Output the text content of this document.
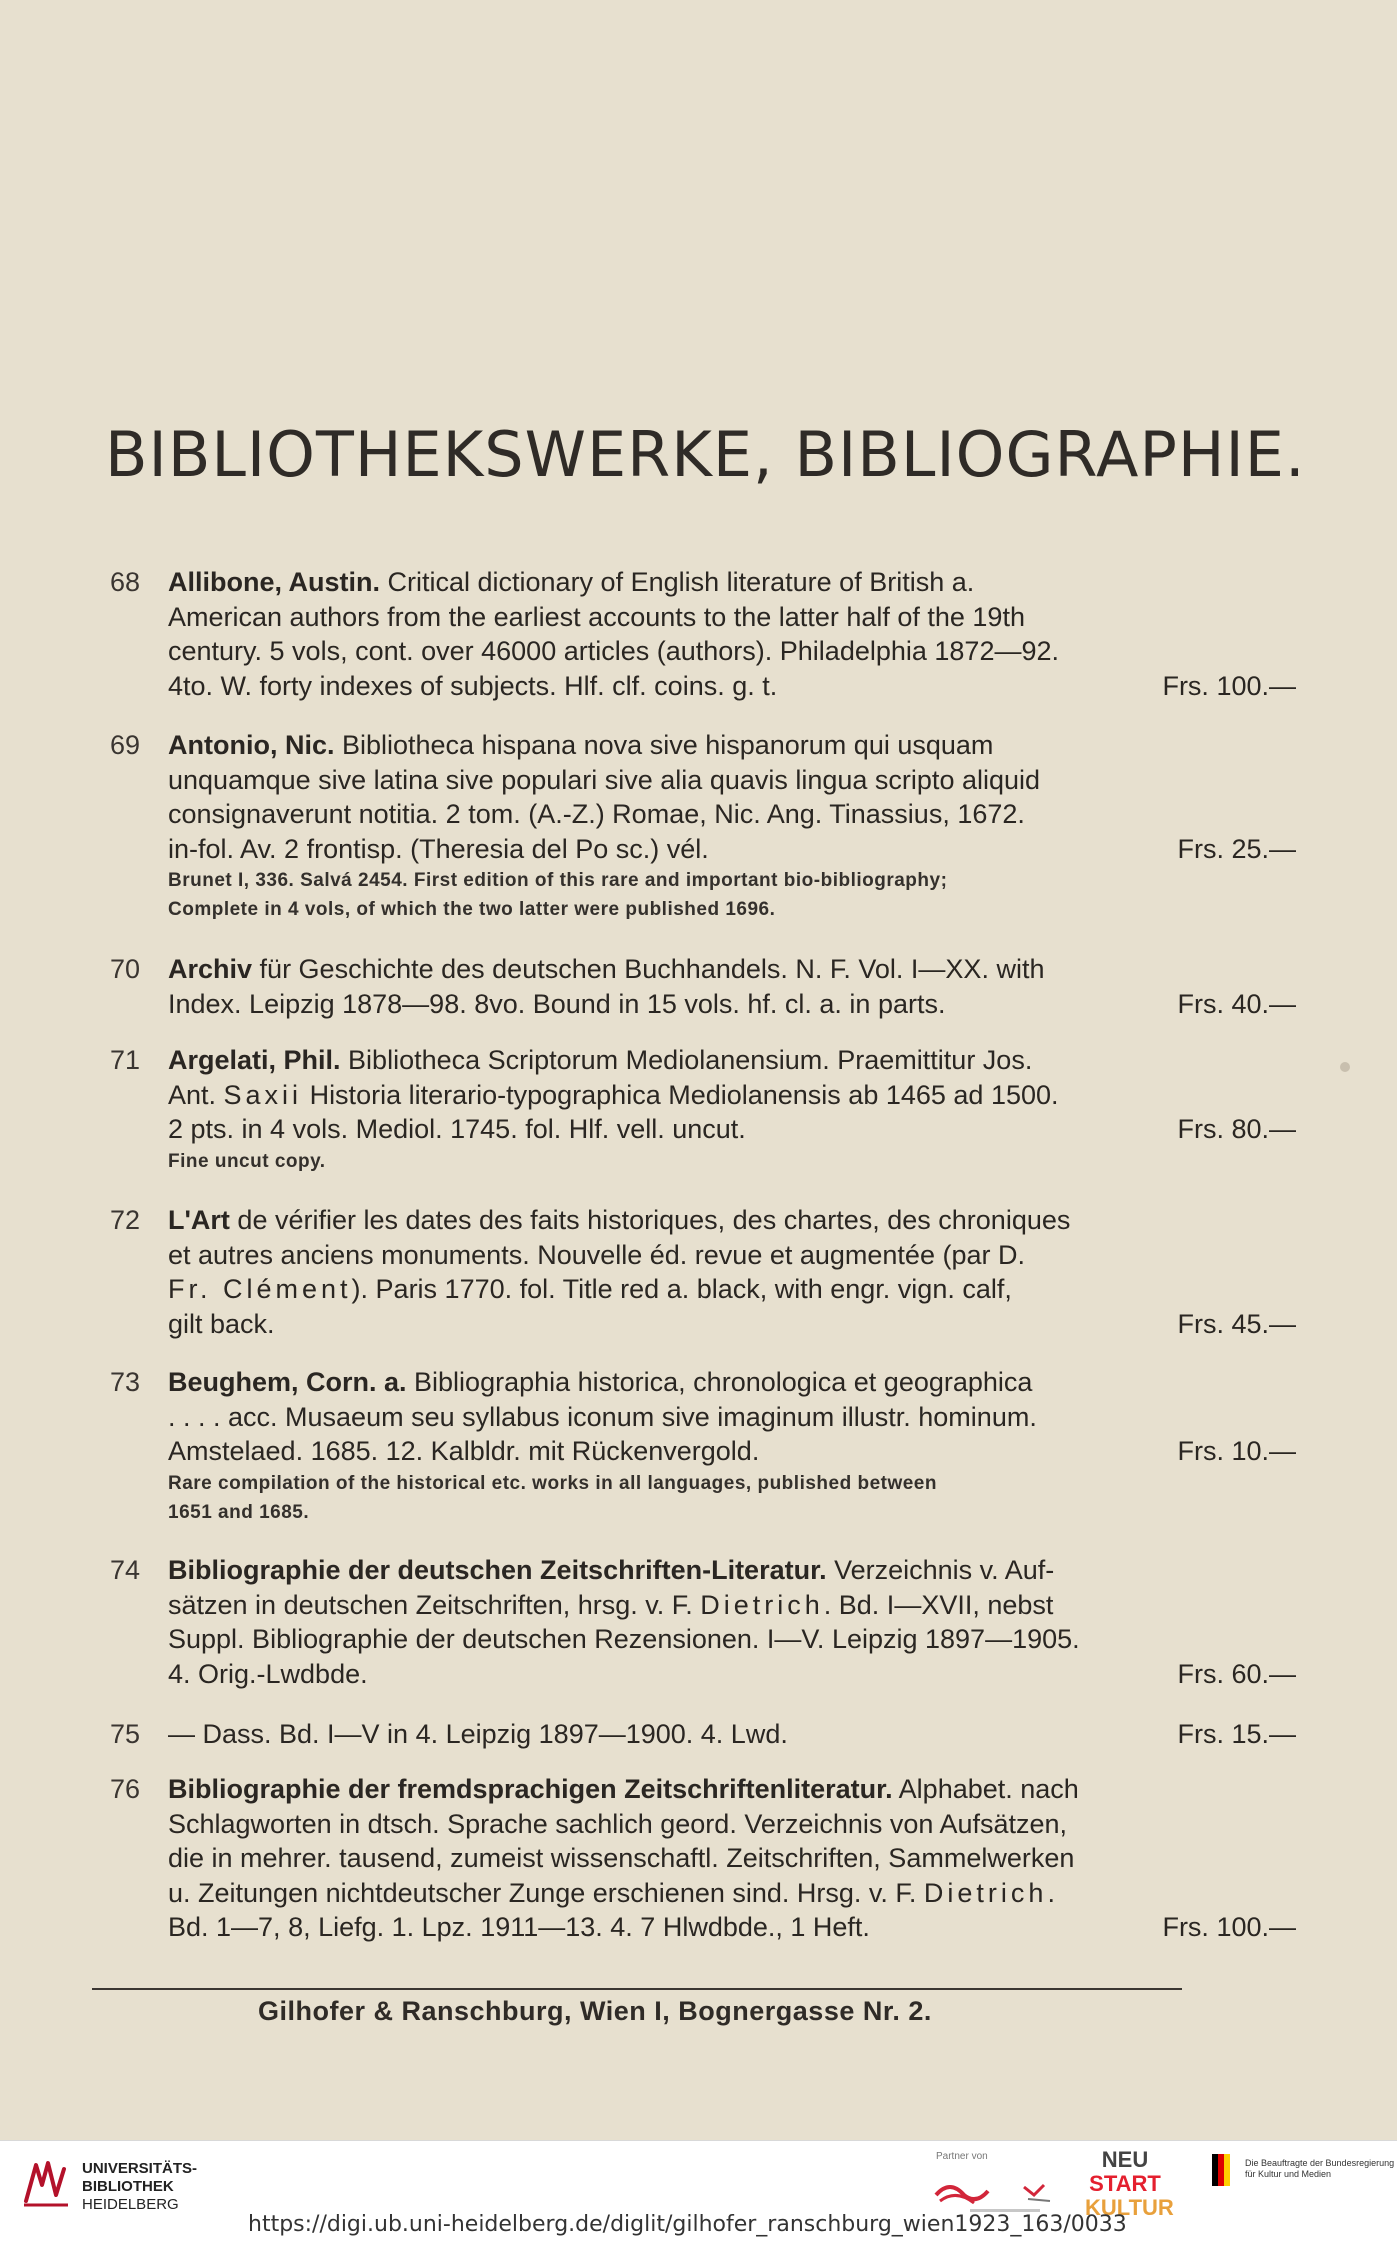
BIBLIOTHEKSWERKE, BIBLIOGRAPHIE.
68	Allibone, Austin. Critical dictionary of English literature of British a.
American authors from the earliest accounts to the latter half of the 19th
century. 5 vols, cont. over 46000 articles (authors). Philadelphia 1872—92.
4to. W. forty indexes of subjects. Hlf. clf. coins. g. t.	Frs. 100.—
69	Antonio, Nic. Bibliotheca hispana nova sive hispanorum qui usquam
unquamque sive latina sive populari sive alia quavis lingua scripto aliquid
consignaverunt notitia. 2 tom. (A.-Z.) Romae, Nic. Ang. Tinassius, 1672.
in-fol. Av. 2 frontisp. (Theresia del Po sc.) vél.	Frs. 25.—
Brunet I, 336. Salvá 2454. First edition of this rare and important bio-bibliography;
Complete in 4 vols, of which the two latter were published 1696.
70	Archiv für Geschichte des deutschen Buchhandels. N. F. Vol. I—XX. with
Index. Leipzig 1878—98. 8vo. Bound in 15 vols. hf. cl. a. in parts.	Frs. 40.—
71	Argelati, Phil. Bibliotheca Scriptorum Mediolanensium. Praemittitur Jos.
Ant. Saxii Historia literario-typographica Mediolanensis ab 1465 ad 1500.
2 pts. in 4 vols. Mediol. 1745. fol. Hlf. vell. uncut.	Frs. 80.—
Fine uncut copy.
72	L'Art de vérifier les dates des faits historiques, des chartes, des chroniques
et autres anciens monuments. Nouvelle éd. revue et augmentée (par D.
Fr. Clément). Paris 1770. fol. Title red a. black, with engr. vign. calf,
gilt back.	Frs. 45.—
73	Beughem, Corn. a. Bibliographia historica, chronologica et geographica
. . . . acc. Musaeum seu syllabus iconum sive imaginum illustr. hominum.
Amstelaed. 1685. 12. Kalbldr. mit Rückenvergold.	Frs. 10.—
Rare compilation of the historical etc. works in all languages, published between
1651 and 1685.
74	Bibliographie der deutschen Zeitschriften-Literatur. Verzeichnis v. Auf-
sätzen in deutschen Zeitschriften, hrsg. v. F. Dietrich. Bd. I—XVII, nebst
Suppl. Bibliographie der deutschen Rezensionen. I—V. Leipzig 1897—1905.
4. Orig.-Lwdbde.	Frs. 60.—
75	— Dass. Bd. I—V in 4. Leipzig 1897—1900. 4. Lwd.	Frs. 15.—
76	Bibliographie der fremdsprachigen Zeitschriftenliteratur. Alphabet. nach
Schlagworten in dtsch. Sprache sachlich geord. Verzeichnis von Aufsätzen,
die in mehrer. tausend, zumeist wissenschaftl. Zeitschriften, Sammelwerken
u. Zeitungen nichtdeutscher Zunge erschienen sind. Hrsg. v. F. Dietrich.
Bd. 1—7, 8, Liefg. 1. Lpz. 1911—13. 4. 7 Hlwdbde., 1 Heft.	Frs. 100.—
Gilhofer & Ranschburg, Wien I, Bognergasse Nr. 2.
UNIVERSITÄTS-
BIBLIOTHEK
HEIDELBERG
Partner von	NEU
START
KULTUR
Die Beauftragte der Bundesregierung
für Kultur und Medien
https://digi.ub.uni-heidelberg.de/diglit/gilhofer_ranschburg_wien1923_163/0033
